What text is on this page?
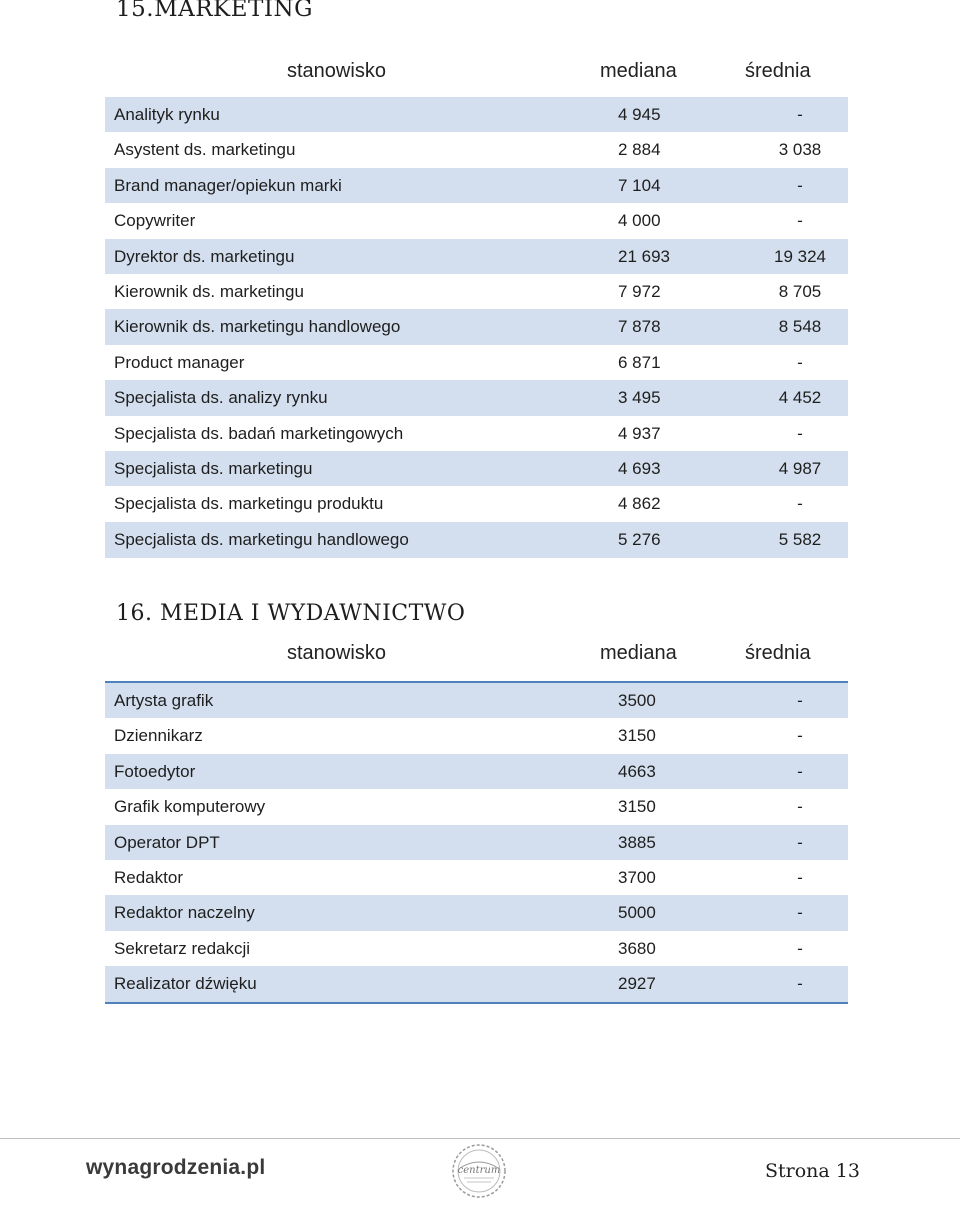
15.MARKETING
stanowisko	mediana	średnia
Analityk rynku	4 945	-
Asystent ds. marketingu	2 884	3 038
Brand manager/opiekun marki	7 104	-
Copywriter	4 000	-
Dyrektor ds. marketingu	21 693	19 324
Kierownik ds. marketingu	7 972	8 705
Kierownik ds. marketingu handlowego	7 878	8 548
Product manager	6 871	-
Specjalista ds. analizy rynku	3 495	4 452
Specjalista ds. badań marketingowych	4 937	-
Specjalista ds. marketingu	4 693	4 987
Specjalista ds. marketingu produktu	4 862	-
Specjalista ds. marketingu handlowego	5 276	5 582
16. MEDIA I WYDAWNICTWO
stanowisko	mediana	średnia
Artysta grafik	3500	-
Dziennikarz	3150	-
Fotoedytor	4663	-
Grafik komputerowy	3150	-
Operator DPT	3885	-
Redaktor	3700	-
Redaktor naczelny	5000	-
Sekretarz redakcji	3680	-
Realizator dźwięku	2927	-
wynagrodzenia.pl	centrum	Strona 13
